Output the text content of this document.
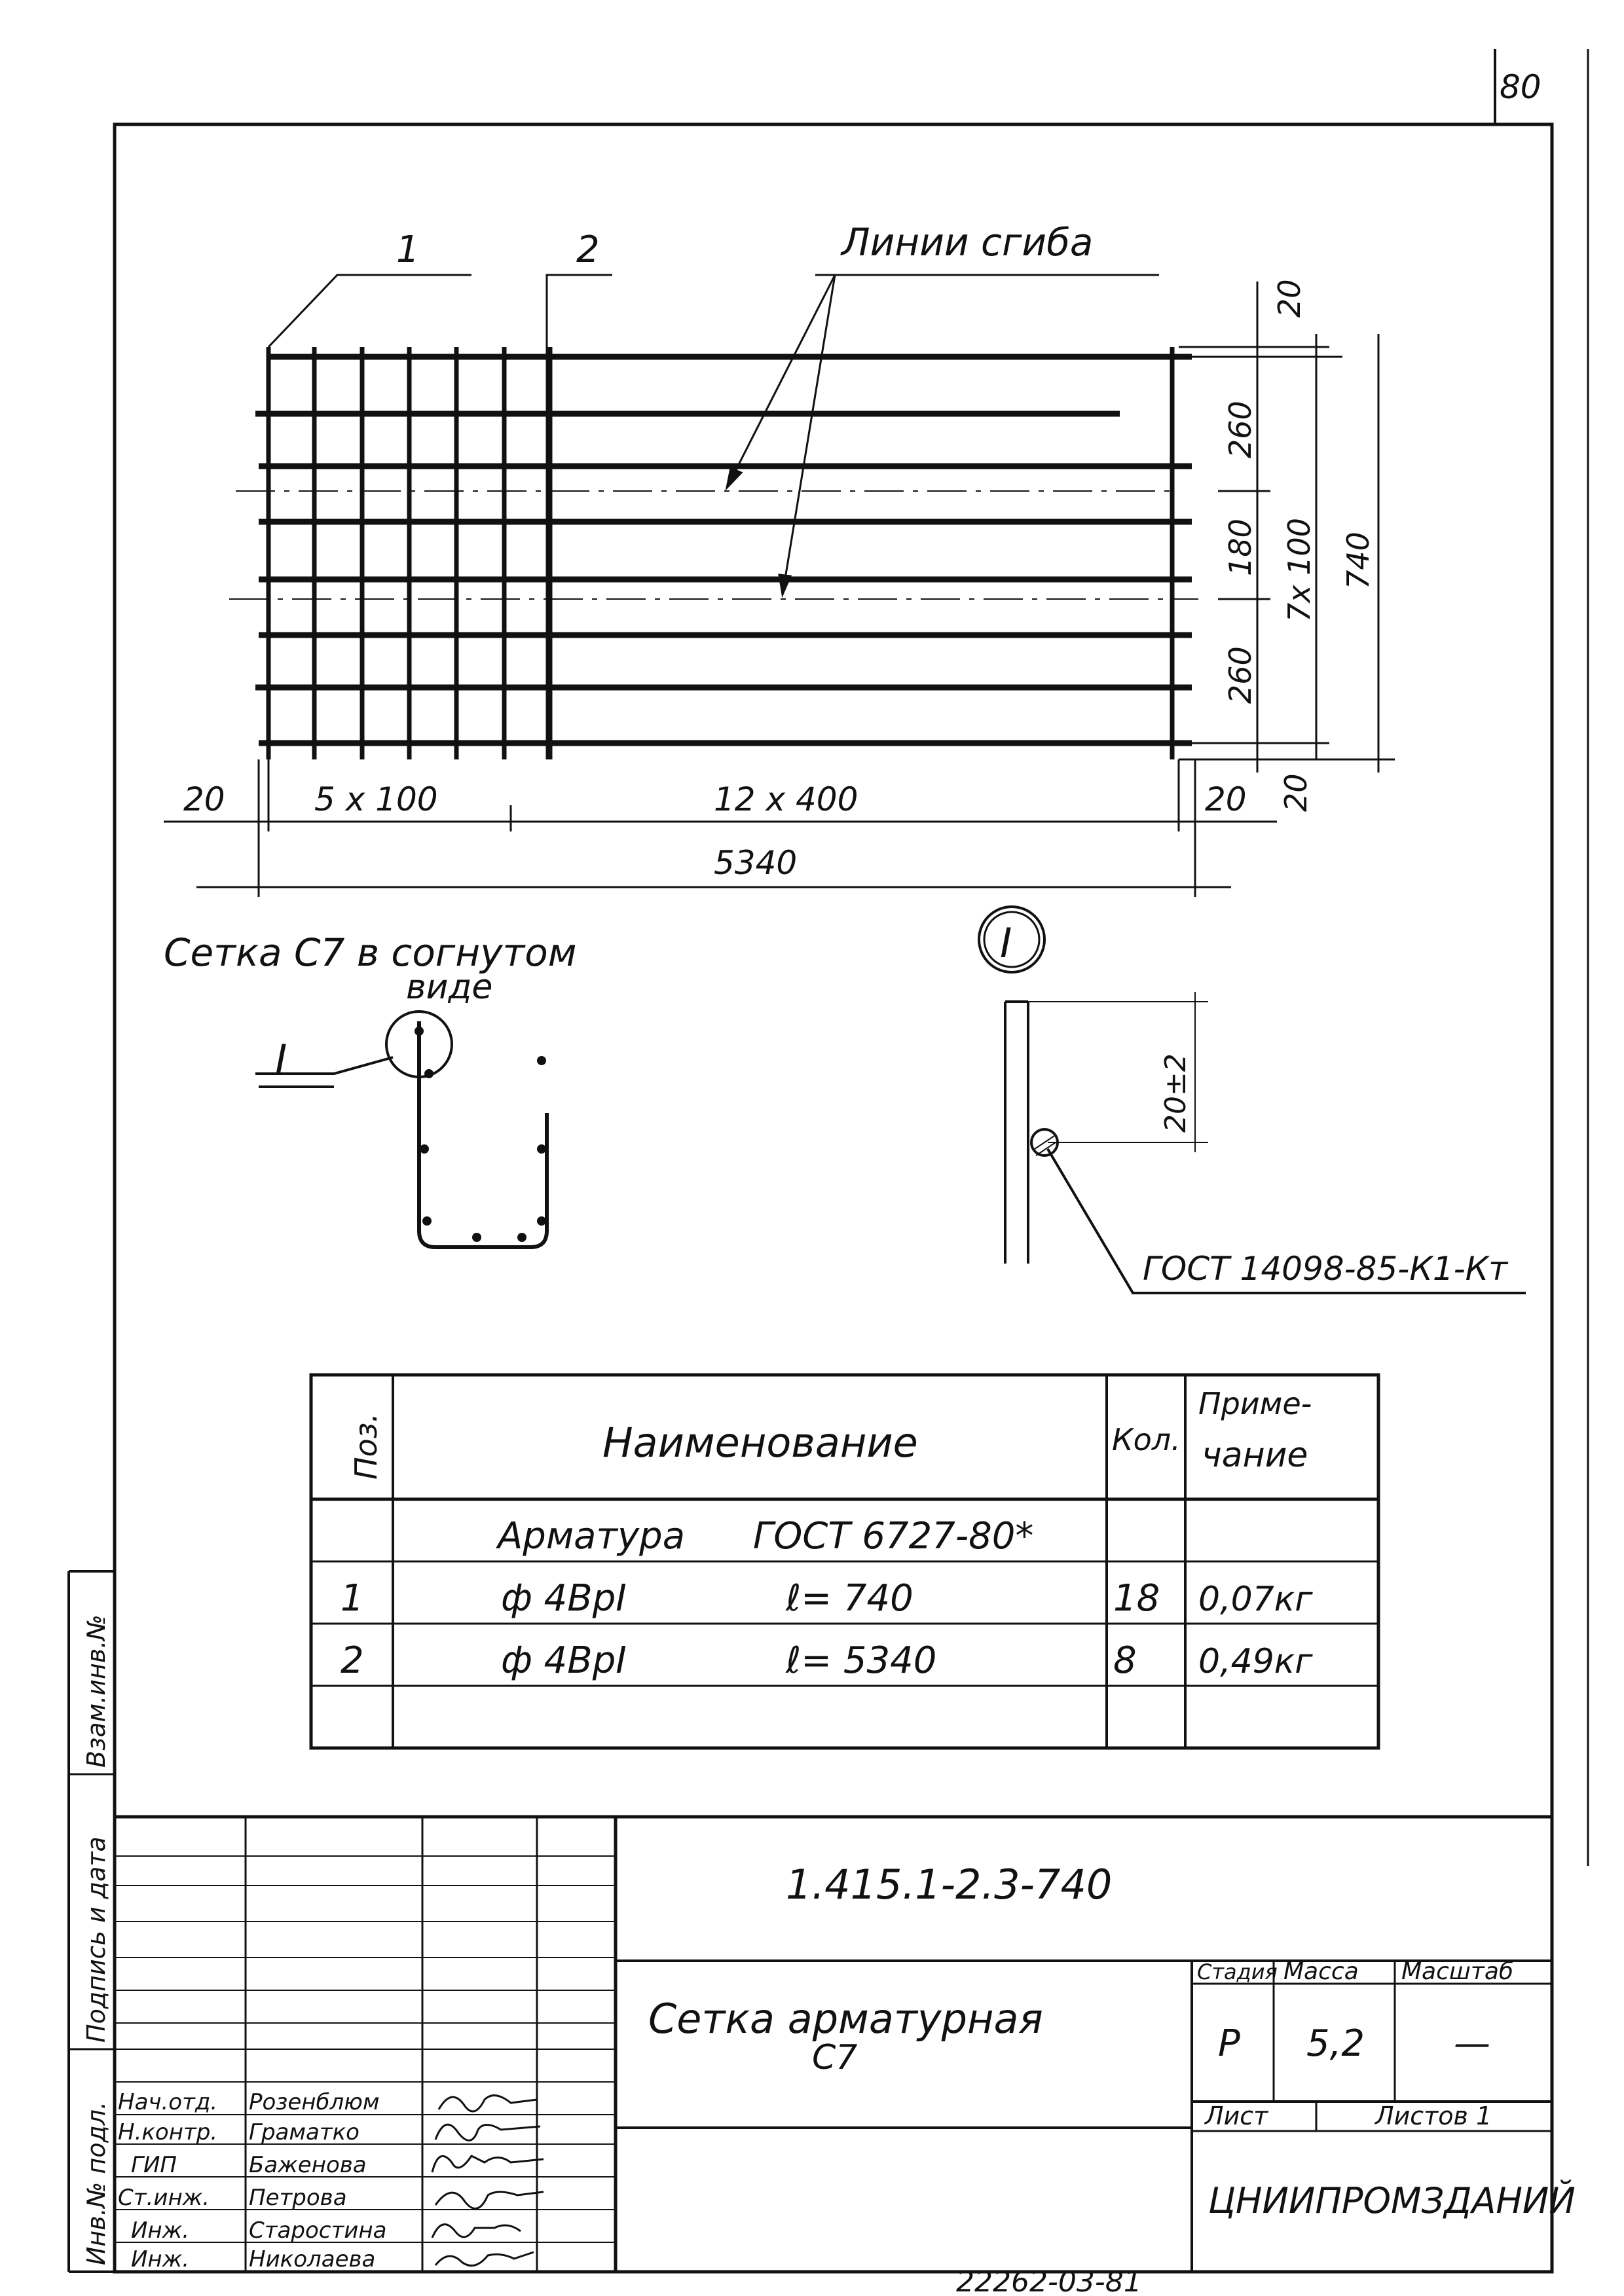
80
1	2	Линии сгиба
20
260
180
260
7x 100 740
20
20	5 x 100	12 x 400	20
5340
Сетка С7 в согнутом
виде
I
I
20±2
ГОСТ 14098-85-К1-Кт
Поз.	Наименование	Кол.
Приме-
чание
Арматура ГОСТ 6727-80*
1	ф 4ВрI	ℓ= 740	18 0,07кг
2	ф 4ВрI	ℓ= 5340	8 0,49кг
Инв.№ подл.
Подпись и дата
Взам.инв.№
1.415.1-2.3-740
Сетка арматурная
С7
Стадия Масса Масштаб
Р 5,2 —
Лист	Листов 1
ЦНИИПРОМЗДАНИЙ
22262-03-81
Нач.отд. Розенблюм
Н.контр. Граматко
ГИП	Баженова
Ст.инж. Петрова
Инж.	Старостина
Инж.	Николаева
